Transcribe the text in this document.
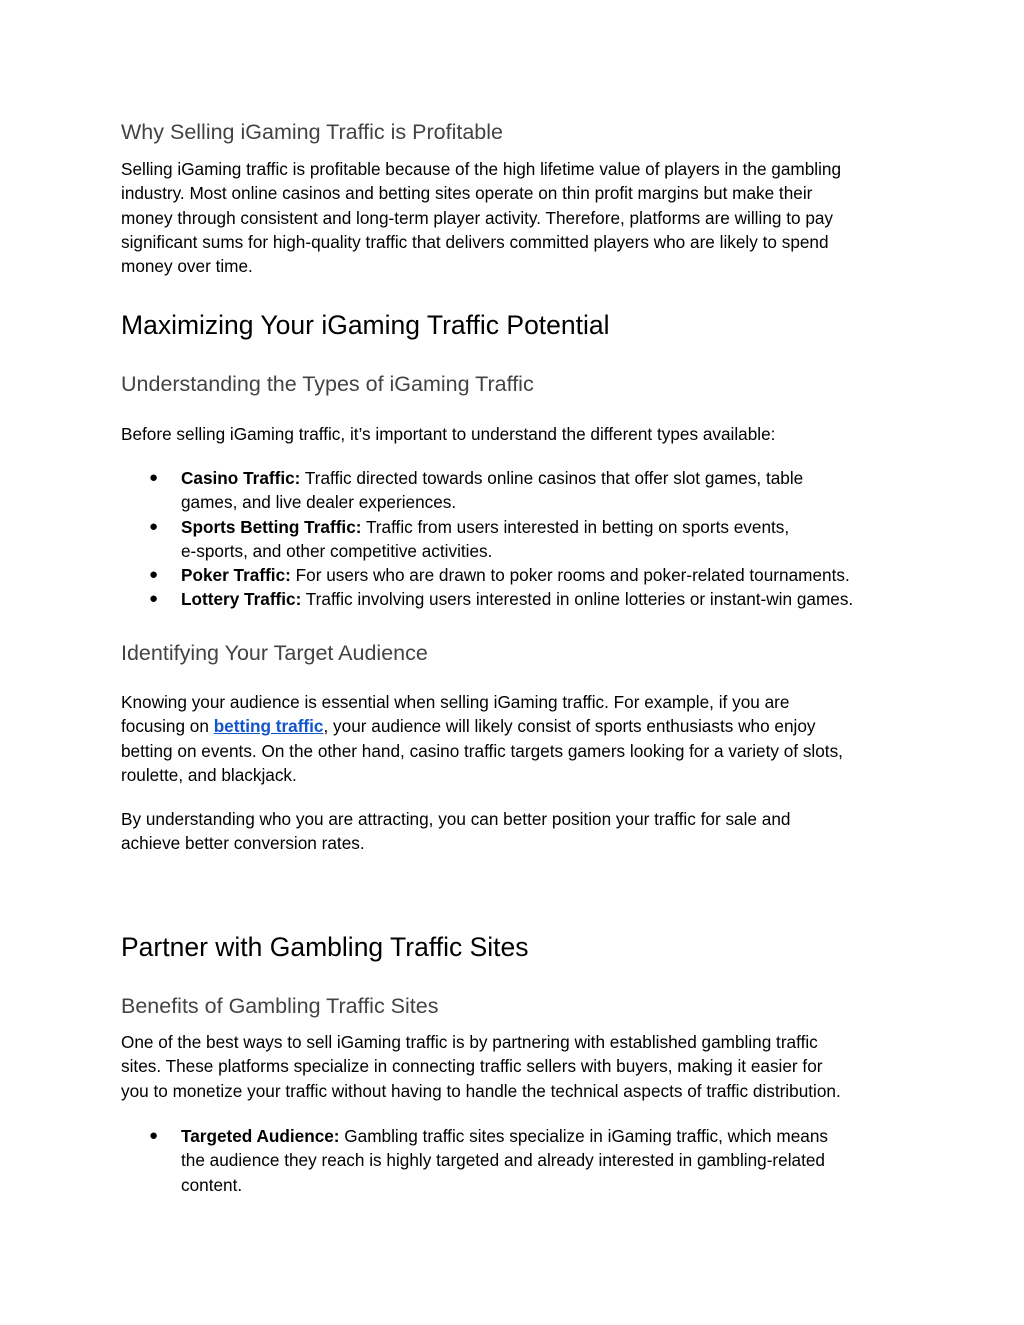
Why Selling iGaming Traffic is Profitable

Selling iGaming traffic is profitable because of the high lifetime value of players in the gambling
industry. Most online casinos and betting sites operate on thin profit margins but make their
money through consistent and long-term player activity. Therefore, platforms are willing to pay
significant sums for high-quality traffic that delivers committed players who are likely to spend
money over time.

Maximizing Your iGaming Traffic Potential
Understanding the Types of iGaming Traffic

Before selling iGaming traffic, it’s important to understand the different types available:

● Casino Traffic: Traffic directed towards online casinos that offer slot games, table
games, and live dealer experiences.
● Sports Betting Traffic: Traffic from users interested in betting on sports events,
e-sports, and other competitive activities.
● Poker Traffic: For users who are drawn to poker rooms and poker-related tournaments.
● Lottery Traffic: Traffic involving users interested in online lotteries or instant-win games.
Identifying Your Target Audience

Knowing your audience is essential when selling iGaming traffic. For example, if you are
focusing on betting traffic, your audience will likely consist of sports enthusiasts who enjoy
betting on events. On the other hand, casino traffic targets gamers looking for a variety of slots,
roulette, and blackjack.

By understanding who you are attracting, you can better position your traffic for sale and
achieve better conversion rates.

Partner with Gambling Traffic Sites
Benefits of Gambling Traffic Sites

One of the best ways to sell iGaming traffic is by partnering with established gambling traffic
sites. These platforms specialize in connecting traffic sellers with buyers, making it easier for
you to monetize your traffic without having to handle the technical aspects of traffic distribution.

● Targeted Audience: Gambling traffic sites specialize in iGaming traffic, which means
the audience they reach is highly targeted and already interested in gambling-related
content.
